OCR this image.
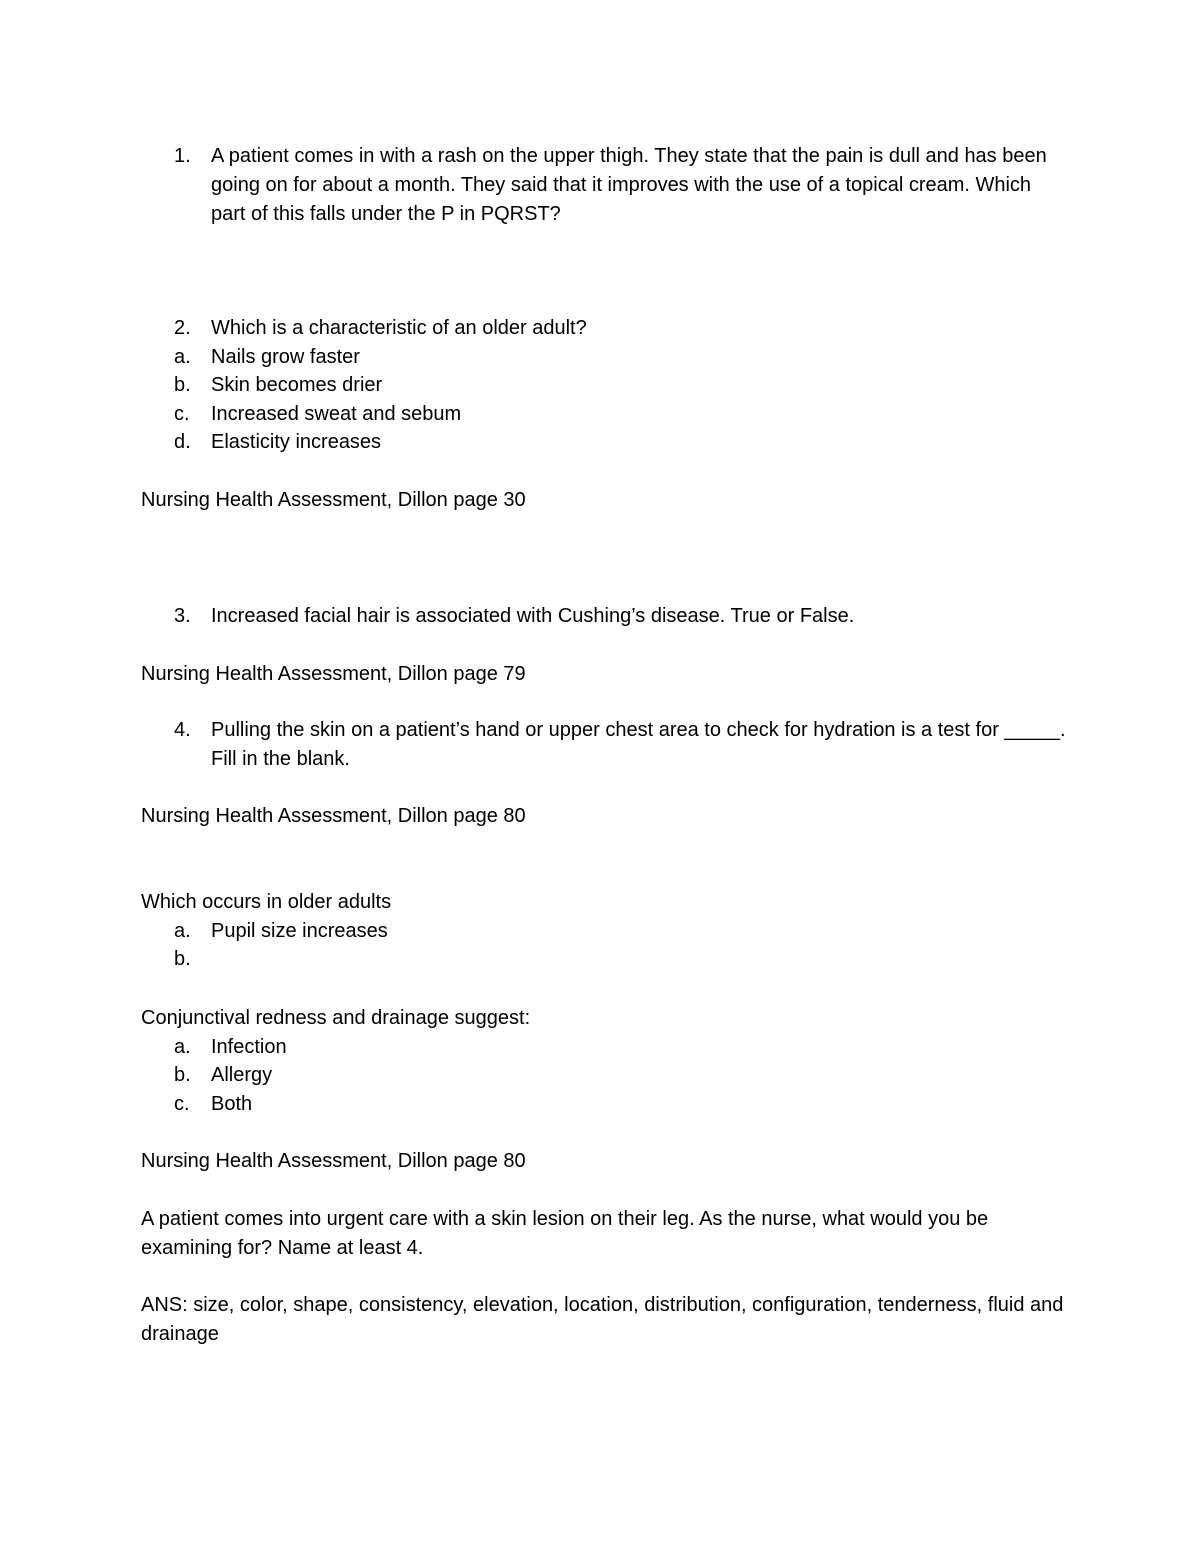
1. A patient comes in with a rash on the upper thigh. They state that the pain is dull and has been going on for about a month. They said that it improves with the use of a topical cream. Which part of this falls under the P in PQRST?
2. Which is a characteristic of an older adult?
a. Nails grow faster
b. Skin becomes drier
c. Increased sweat and sebum
d. Elasticity increases
Nursing Health Assessment, Dillon page 30
3. Increased facial hair is associated with Cushing’s disease. True or False.
Nursing Health Assessment, Dillon page 79
4. Pulling the skin on a patient’s hand or upper chest area to check for hydration is a test for _____. Fill in the blank.
Nursing Health Assessment, Dillon page 80
Which occurs in older adults
a. Pupil size increases
b.
Conjunctival redness and drainage suggest:
a. Infection
b. Allergy
c. Both
Nursing Health Assessment, Dillon page 80
A patient comes into urgent care with a skin lesion on their leg. As the nurse, what would you be examining for? Name at least 4.
ANS: size, color, shape, consistency, elevation, location, distribution, configuration, tenderness, fluid and drainage
